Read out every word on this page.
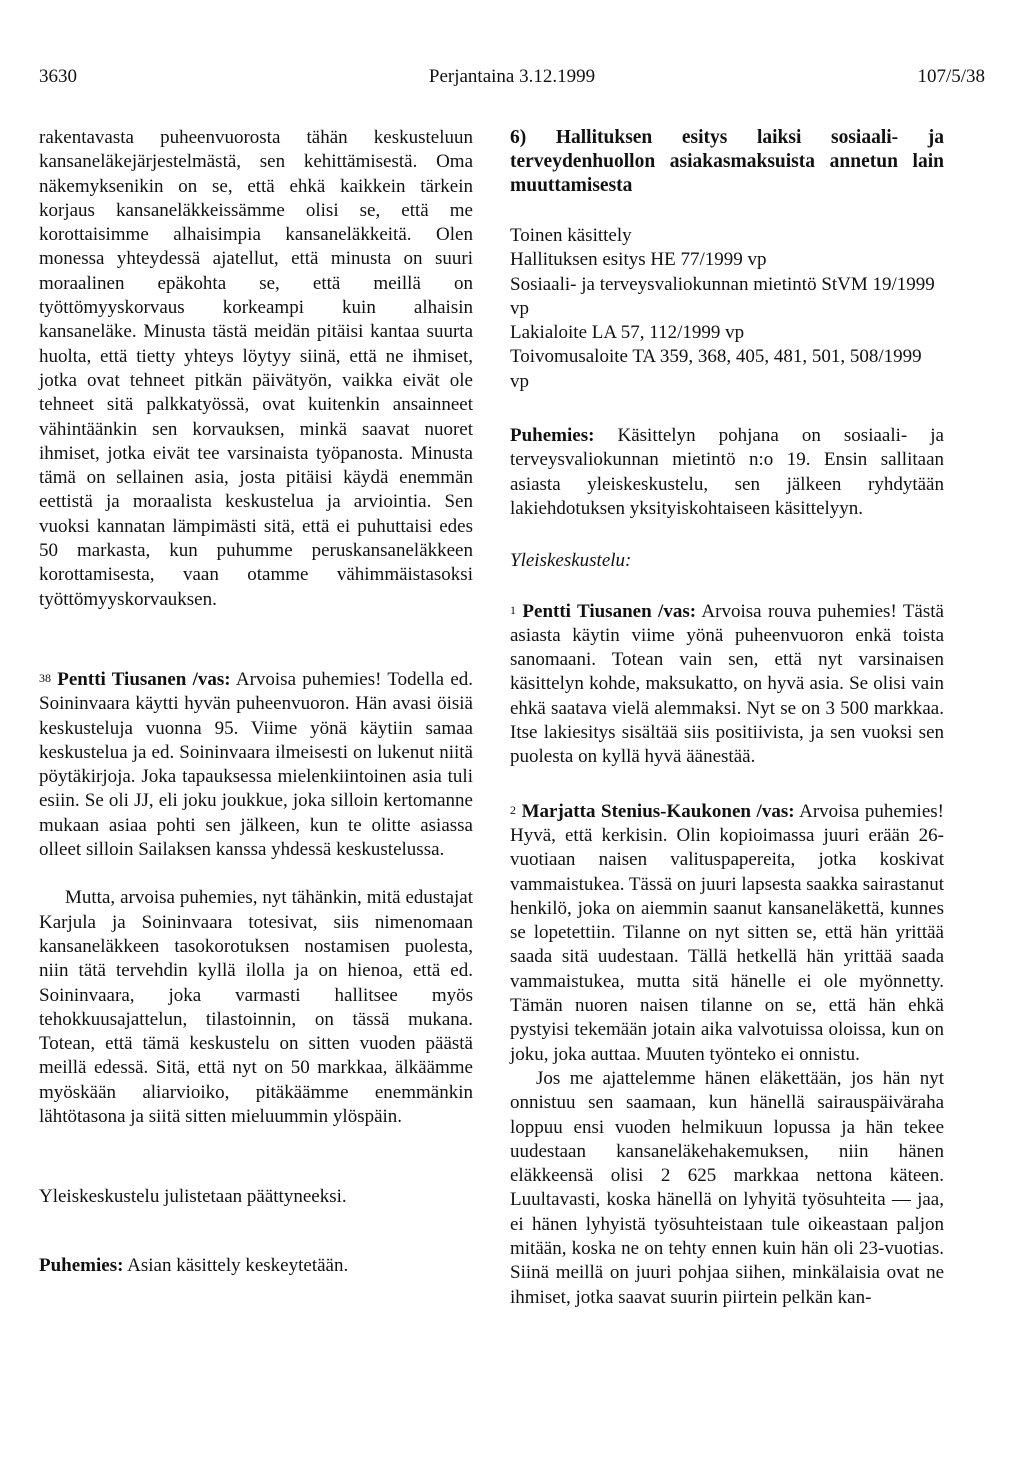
3630	Perjantaina 3.12.1999	107/5/38

rakentavasta puheenvuorosta tähän keskusteluun kansaneläkejärjestelmästä, sen kehittämisestä. Oma näkemyksenikin on se, että ehkä kaikkein tärkein korjaus kansaneläkkeissämme olisi se, että me korottaisimme alhaisimpia kansaneläkkeitä. Olen monessa yhteydessä ajatellut, että minusta on suuri moraalinen epäkohta se, että meillä on työttömyyskorvaus korkeampi kuin alhaisin kansaneläke. Minusta tästä meidän pitäisi kantaa suurta huolta, että tietty yhteys löytyy siinä, että ne ihmiset, jotka ovat tehneet pitkän päivätyön, vaikka eivät ole tehneet sitä palkkatyössä, ovat kuitenkin ansainneet vähintäänkin sen korvauksen, minkä saavat nuoret ihmiset, jotka eivät tee varsinaista työpanosta. Minusta tämä on sellainen asia, josta pitäisi käydä enemmän eettistä ja moraalista keskustelua ja arviointia. Sen vuoksi kannatan lämpimästi sitä, että ei puhuttaisi edes 50 markasta, kun puhumme peruskansaneläkkeen korottamisesta, vaan otamme vähimmäistasoksi työttömyyskorvauksen.

$^{38}$ Pentti Tiusanen /vas: Arvoisa puhemies! Todella ed. Soininvaara käytti hyvän puheenvuoron. Hän avasi öisiä keskusteluja vuonna 95. Viime yönä käytiin samaa keskustelua ja ed. Soininvaara ilmeisesti on lukenut niitä pöytäkirjoja. Joka tapauksessa mielenkiintoinen asia tuli esiin. Se oli JJ, eli joku joukkue, joka silloin kertomanne mukaan asiaa pohti sen jälkeen, kun te olitte asiassa olleet silloin Sailaksen kanssa yhdessä keskustelussa.

Mutta, arvoisa puhemies, nyt tähänkin, mitä edustajat Karjula ja Soininvaara totesivat, siis nimenomaan kansaneläkkeen tasokorotuksen nostamisen puolesta, niin tätä tervehdin kyllä ilolla ja on hienoa, että ed. Soininvaara, joka varmasti hallitsee myös tehokkuusajattelun, tilastoinnin, on tässä mukana. Totean, että tämä keskustelu on sitten vuoden päästä meillä edessä. Sitä, että nyt on 50 markkaa, älkäämme myöskään aliarvioiko, pitäkäämme enemmänkin lähtötasona ja siitä sitten mieluummin ylöspäin.

Yleiskeskustelu julistetaan päättyneeksi.

Puhemies: Asian käsittely keskeytetään.

6) Hallituksen esitys laiksi sosiaali- ja terveydenhuollon asiakasmaksuista annetun lain muuttamisesta

Toinen käsittely
Hallituksen esitys HE 77/1999 vp
Sosiaali- ja terveysvaliokunnan mietintö StVM 19/1999 vp
Lakialoite LA 57, 112/1999 vp
Toivomusaloite TA 359, 368, 405, 481, 501, 508/1999 vp

Puhemies: Käsittelyn pohjana on sosiaali- ja terveysvaliokunnan mietintö n:o 19. Ensin sallitaan asiasta yleiskeskustelu, sen jälkeen ryhdytään lakiehdotuksen yksityiskohtaiseen käsittelyyn.

Yleiskeskustelu:

$^1$ Pentti Tiusanen /vas: Arvoisa rouva puhemies! Tästä asiasta käytin viime yönä puheenvuoron enkä toista sanomaani. Totean vain sen, että nyt varsinaisen käsittelyn kohde, maksukatto, on hyvä asia. Se olisi vain ehkä saatava vielä alemmaksi. Nyt se on 3 500 markkaa. Itse lakiesitys sisältää siis positiivista, ja sen vuoksi sen puolesta on kyllä hyvä äänestää.

$^2$ Marjatta Stenius-Kaukonen /vas: Arvoisa puhemies! Hyvä, että kerkisin. Olin kopioimassa juuri erään 26-vuotiaan naisen valituspapereita, jotka koskivat vammaistukea. Tässä on juuri lapsesta saakka sairastanut henkilö, joka on aiemmin saanut kansaneläkettä, kunnes se lopetettiin. Tilanne on nyt sitten se, että hän yrittää saada sitä uudestaan. Tällä hetkellä hän yrittää saada vammaistukea, mutta sitä hänelle ei ole myönnetty. Tämän nuoren naisen tilanne on se, että hän ehkä pystyisi tekemään jotain aika valvotuissa oloissa, kun on joku, joka auttaa. Muuten työnteko ei onnistu.

Jos me ajattelemme hänen eläkettään, jos hän nyt onnistuu sen saamaan, kun hänellä sairauspäiväraha loppuu ensi vuoden helmikuun lopussa ja hän tekee uudestaan kansaneläkehakemuksen, niin hänen eläkkeensä olisi 2 625 markkaa nettona käteen. Luultavasti, koska hänellä on lyhyitä työsuhteita — jaa, ei hänen lyhyistä työsuhteistaan tule oikeastaan paljon mitään, koska ne on tehty ennen kuin hän oli 23-vuotias. Siinä meillä on juuri pohjaa siihen, minkälaisia ovat ne ihmiset, jotka saavat suurin piirtein pelkän kan-
